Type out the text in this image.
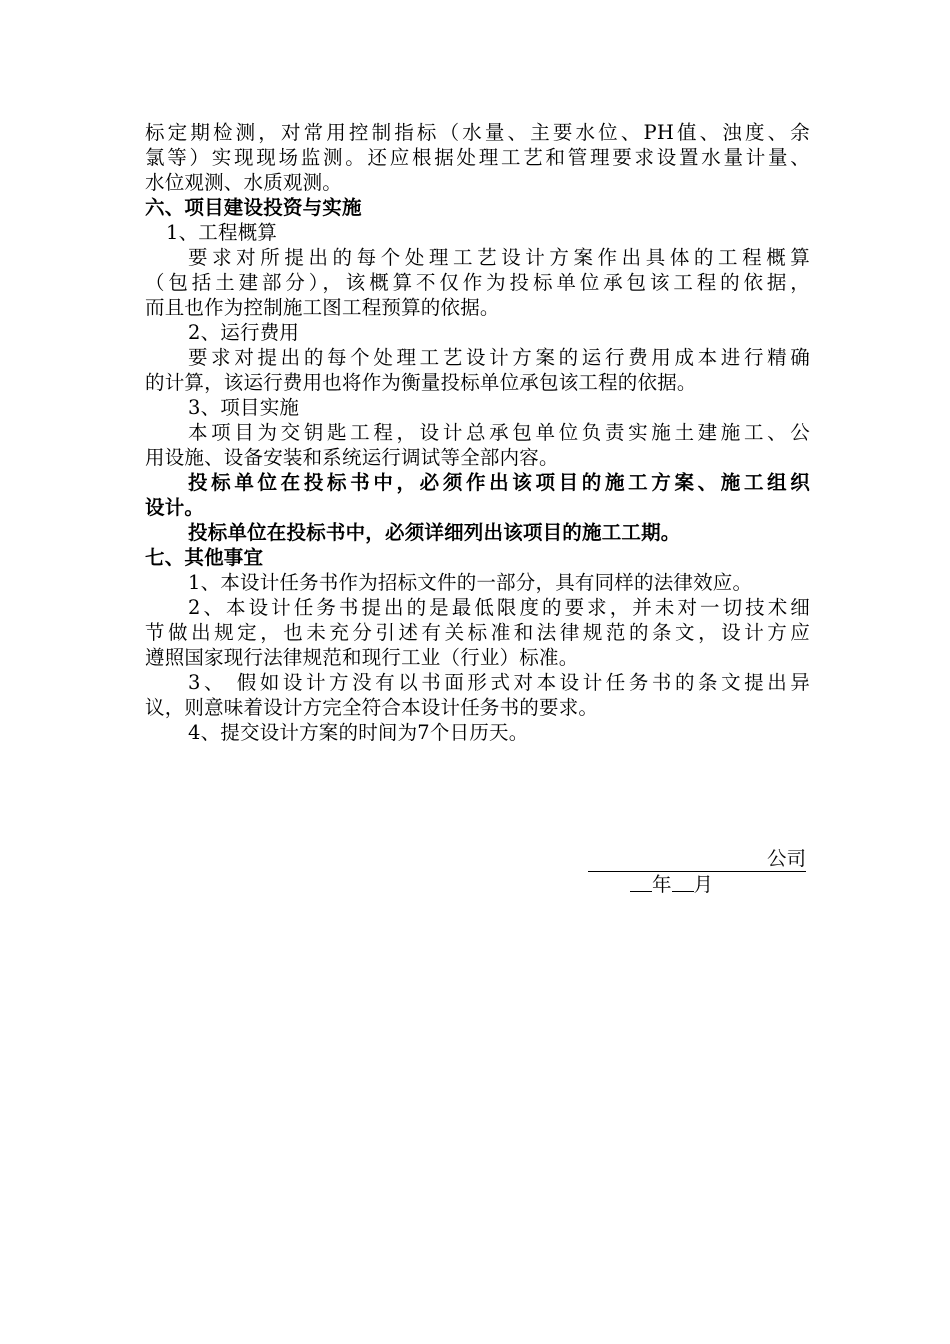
标定期检测，对常用控制指标（水量、主要水位、PH值、浊度、余
氯等）实现现场监测。还应根据处理工艺和管理要求设置水量计量、
水位观测、水质观测。
六、项目建设投资与实施
1、工程概算
要求对所提出的每个处理工艺设计方案作出具体的工程概算
（包括土建部分），该概算不仅作为投标单位承包该工程的依据，
而且也作为控制施工图工程预算的依据。
2、运行费用
要求对提出的每个处理工艺设计方案的运行费用成本进行精确
的计算，该运行费用也将作为衡量投标单位承包该工程的依据。
3、项目实施
本项目为交钥匙工程，设计总承包单位负责实施土建施工、公
用设施、设备安装和系统运行调试等全部内容。
投标单位在投标书中，必须作出该项目的施工方案、施工组织
设计。
投标单位在投标书中，必须详细列出该项目的施工工期。
七、其他事宜
1、本设计任务书作为招标文件的一部分，具有同样的法律效应。
2、本设计任务书提出的是最低限度的要求，并未对一切技术细
节做出规定，也未充分引述有关标准和法律规范的条文，设计方应
遵照国家现行法律规范和现行工业（行业）标准。
3、 假如设计方没有以书面形式对本设计任务书的条文提出异
议，则意味着设计方完全符合本设计任务书的要求。
4、提交设计方案的时间为7个日历天。
公司
年 月
